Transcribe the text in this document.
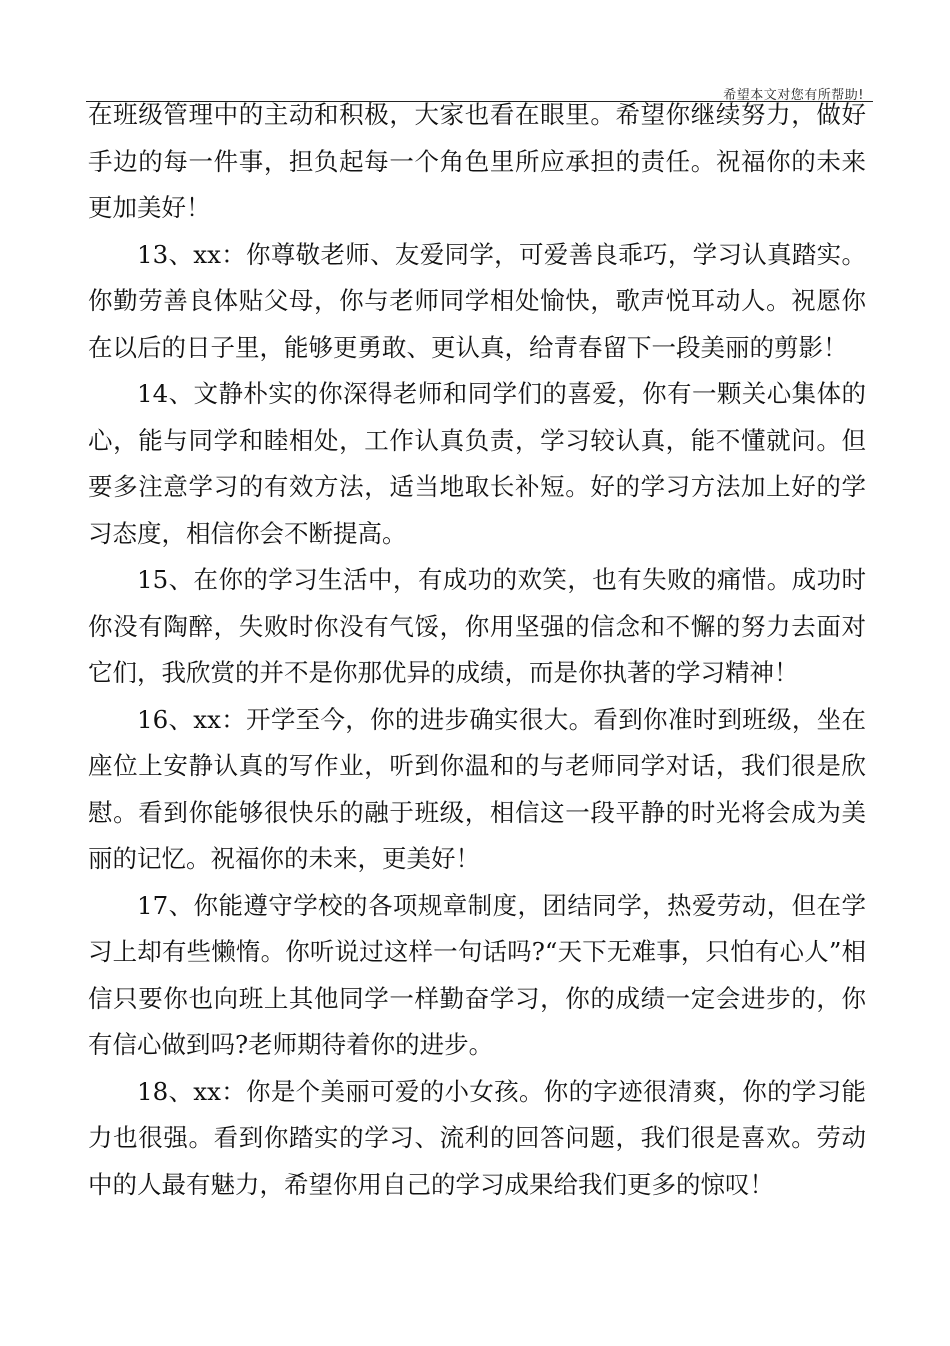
希望本文对您有所帮助!

在班级管理中的主动和积极，大家也看在眼里。希望你继续努力，做好手边的每一件事，担负起每一个角色里所应承担的责任。祝福你的未来更加美好！

13、xx：你尊敬老师、友爱同学，可爱善良乖巧，学习认真踏实。你勤劳善良体贴父母，你与老师同学相处愉快，歌声悦耳动人。祝愿你在以后的日子里，能够更勇敢、更认真，给青春留下一段美丽的剪影！

14、文静朴实的你深得老师和同学们的喜爱，你有一颗关心集体的心，能与同学和睦相处，工作认真负责，学习较认真，能不懂就问。但要多注意学习的有效方法，适当地取长补短。好的学习方法加上好的学习态度，相信你会不断提高。

15、在你的学习生活中，有成功的欢笑，也有失败的痛惜。成功时你没有陶醉，失败时你没有气馁，你用坚强的信念和不懈的努力去面对它们，我欣赏的并不是你那优异的成绩，而是你执著的学习精神！

16、xx：开学至今，你的进步确实很大。看到你准时到班级，坐在座位上安静认真的写作业，听到你温和的与老师同学对话，我们很是欣慰。看到你能够很快乐的融于班级，相信这一段平静的时光将会成为美丽的记忆。祝福你的未来，更美好！

17、你能遵守学校的各项规章制度，团结同学，热爱劳动，但在学习上却有些懒惰。你听说过这样一句话吗?“天下无难事，只怕有心人”相信只要你也向班上其他同学一样勤奋学习，你的成绩一定会进步的，你有信心做到吗?老师期待着你的进步。

18、xx：你是个美丽可爱的小女孩。你的字迹很清爽，你的学习能力也很强。看到你踏实的学习、流利的回答问题，我们很是喜欢。劳动中的人最有魅力，希望你用自己的学习成果给我们更多的惊叹！
